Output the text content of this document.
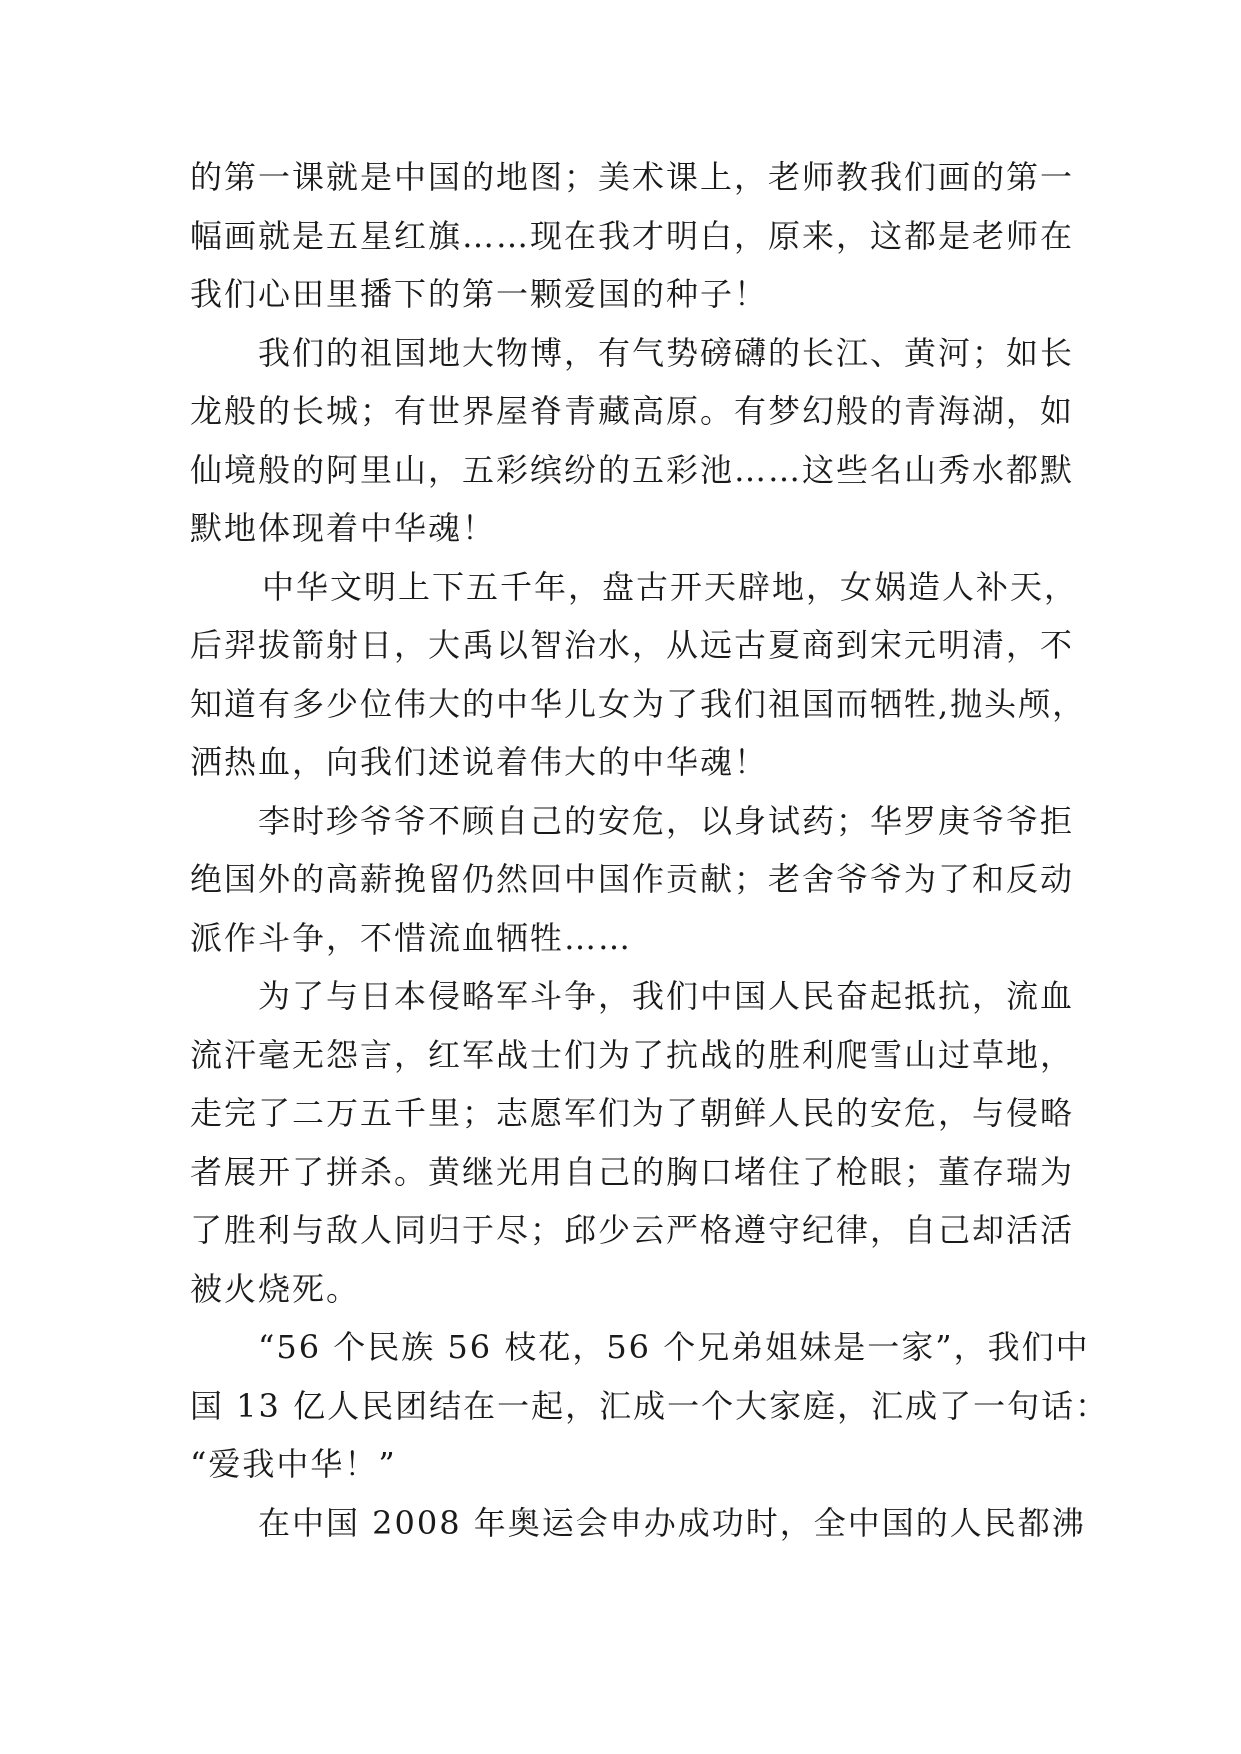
的第一课就是中国的地图；美术课上，老师教我们画的第一
幅画就是五星红旗……现在我才明白，原来，这都是老师在
我们心田里播下的第一颗爱国的种子！
我们的祖国地大物博，有气势磅礴的长江、黄河；如长
龙般的长城；有世界屋脊青藏高原。有梦幻般的青海湖，如
仙境般的阿里山，五彩缤纷的五彩池……这些名山秀水都默
默地体现着中华魂！
中华文明上下五千年，盘古开天辟地，女娲造人补天，
后羿拔箭射日，大禹以智治水，从远古夏商到宋元明清，不
知道有多少位伟大的中华儿女为了我们祖国而牺牲,抛头颅，
洒热血，向我们述说着伟大的中华魂！
李时珍爷爷不顾自己的安危，以身试药；华罗庚爷爷拒
绝国外的高薪挽留仍然回中国作贡献；老舍爷爷为了和反动
派作斗争，不惜流血牺牲……
为了与日本侵略军斗争，我们中国人民奋起抵抗，流血
流汗毫无怨言，红军战士们为了抗战的胜利爬雪山过草地，
走完了二万五千里；志愿军们为了朝鲜人民的安危，与侵略
者展开了拼杀。黄继光用自己的胸口堵住了枪眼；董存瑞为
了胜利与敌人同归于尽；邱少云严格遵守纪律，自己却活活
被火烧死。
“56 个民族 56 枝花，56 个兄弟姐妹是一家”，我们中
国 13 亿人民团结在一起，汇成一个大家庭，汇成了一句话：
“爱我中华！”
在中国 2008 年奥运会申办成功时，全中国的人民都沸
